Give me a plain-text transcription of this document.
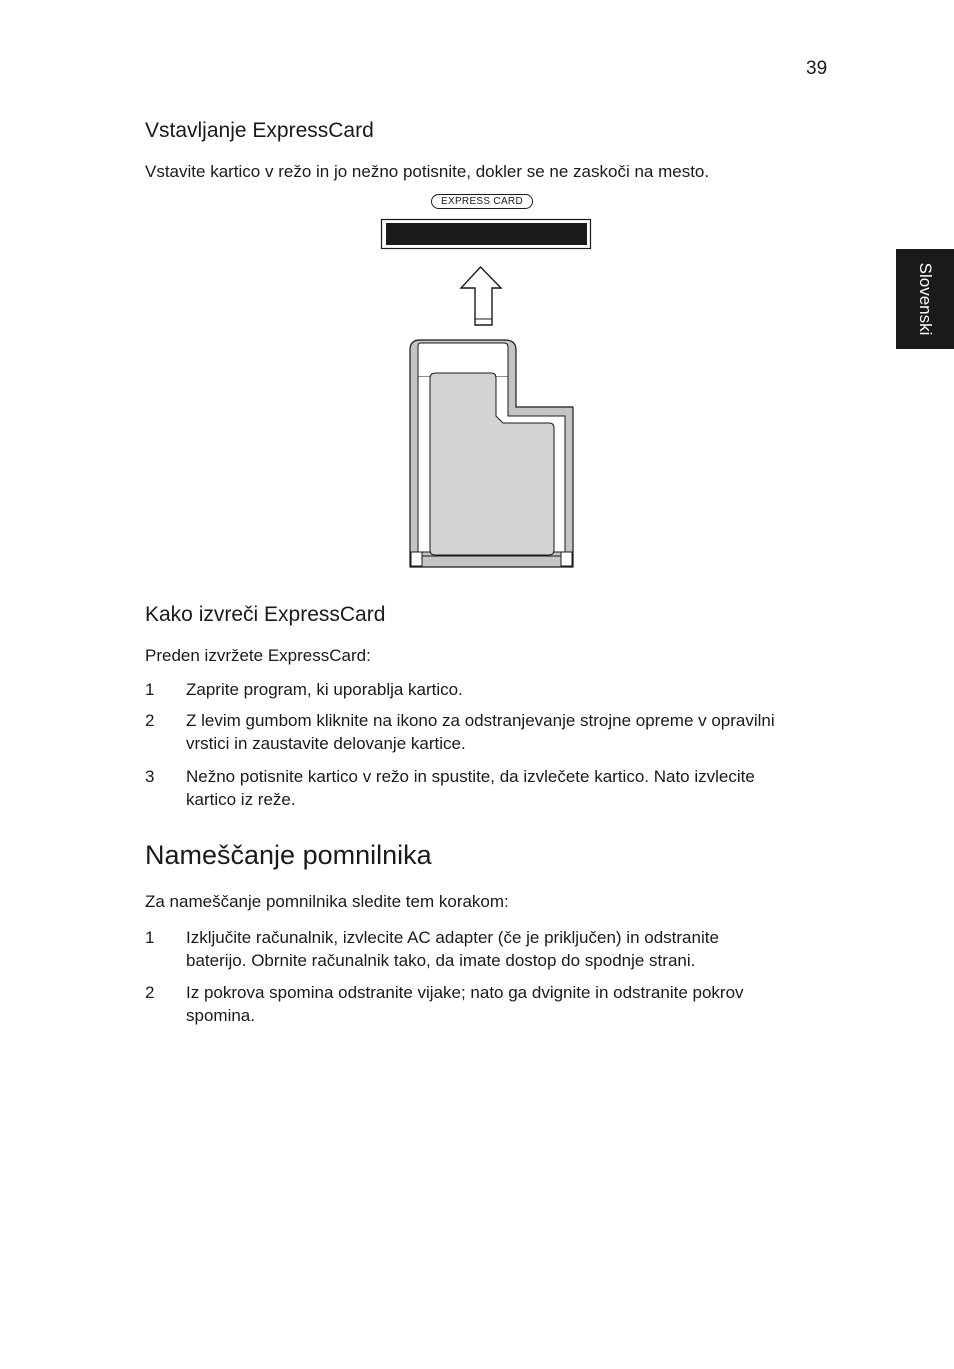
39
Slovenski
Vstavljanje ExpressCard

Vstavite kartico v režo in jo nežno potisnite, dokler se ne zaskoči na mesto.

EXPRESS CARD
Kako izvreči ExpressCard

Preden izvržete ExpressCard:

1 Zaprite program, ki uporablja kartico.
2 Z levim gumbom kliknite na ikono za odstranjevanje strojne opreme v opravilni
vrstici in zaustavite delovanje kartice.
3 Nežno potisnite kartico v režo in spustite, da izvlečete kartico. Nato izvlecite
kartico iz reže.
Nameščanje pomnilnika

Za nameščanje pomnilnika sledite tem korakom:

1 Izključite računalnik, izvlecite AC adapter (če je priključen) in odstranite
baterijo. Obrnite računalnik tako, da imate dostop do spodnje strani.
2 Iz pokrova spomina odstranite vijake; nato ga dvignite in odstranite pokrov
spomina.
